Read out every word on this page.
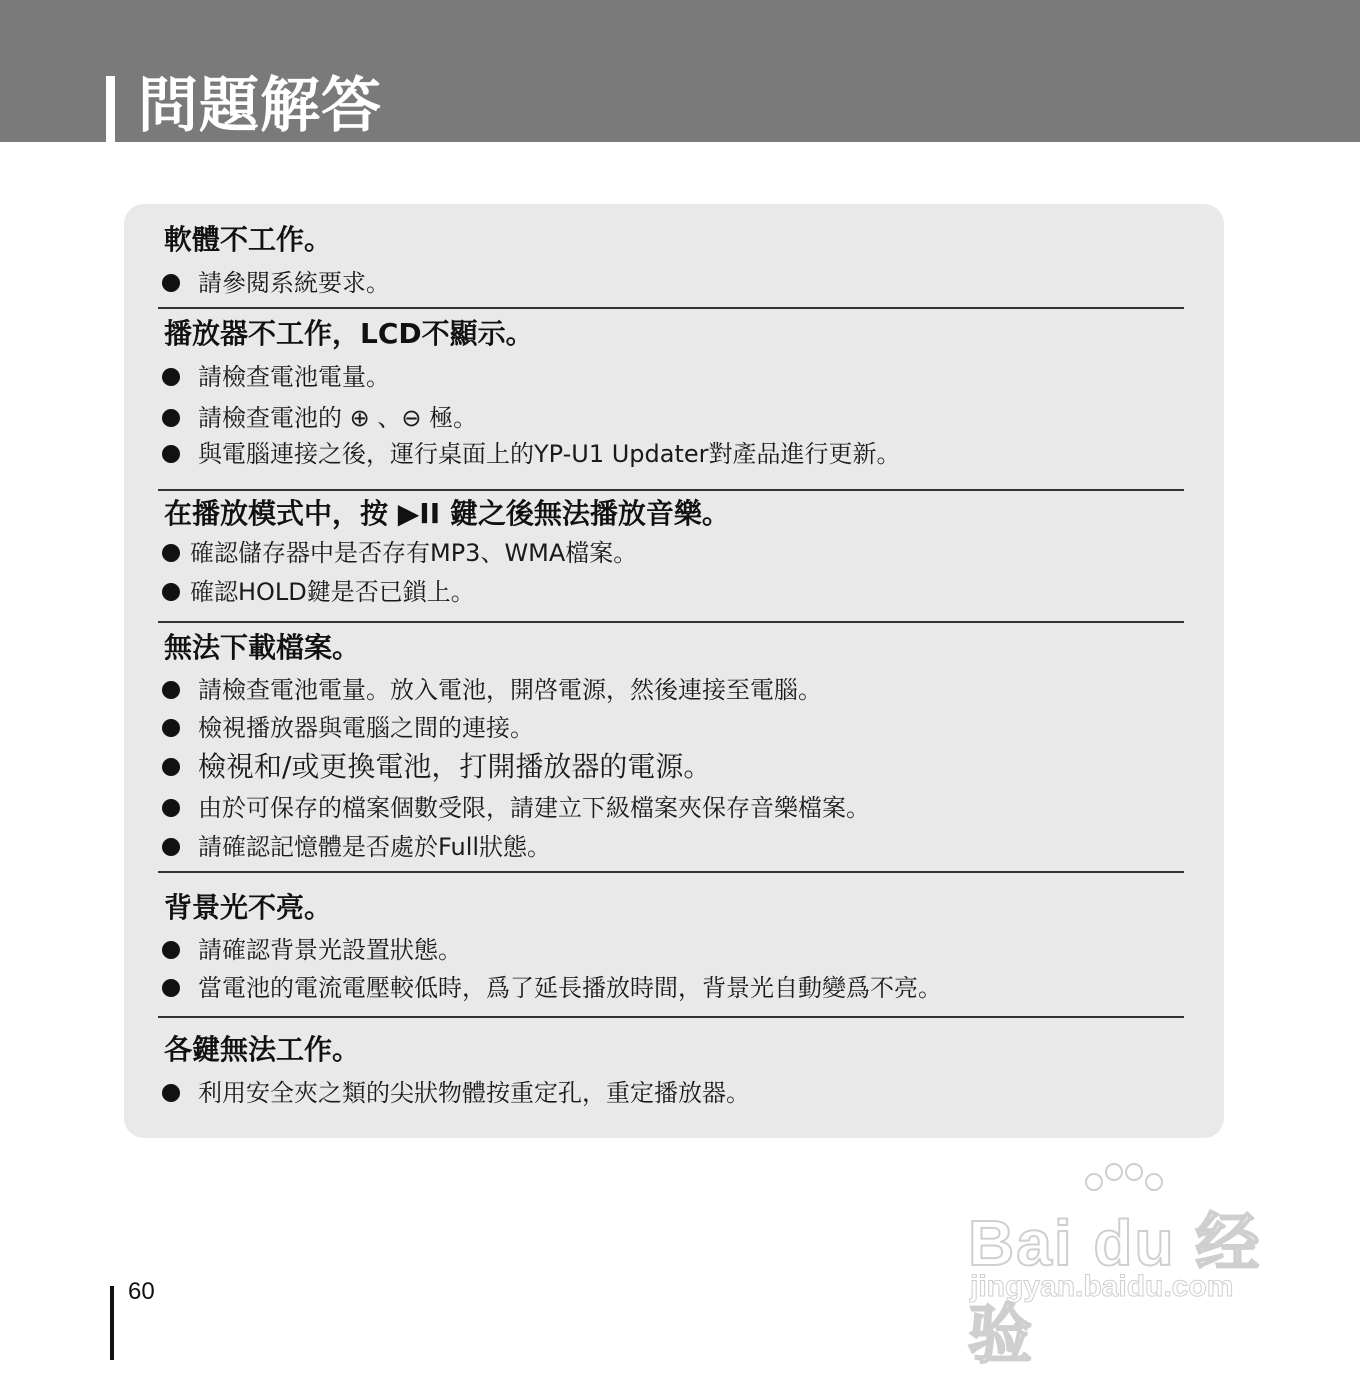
問題解答
軟體不工作。
請參閱系統要求。
播放器不工作，LCD不顯示。
請檢查電池電量。
請檢查電池的 ⊕ 、⊖ 極。
與電腦連接之後，運行桌面上的YP-U1 Updater對產品進行更新。
在播放模式中，按 ▶II 鍵之後無法播放音樂。
確認儲存器中是否存有MP3、WMA檔案。
確認HOLD鍵是否已鎖上。
無法下載檔案。
請檢查電池電量。放入電池，開啓電源，然後連接至電腦。
檢視播放器與電腦之間的連接。
檢視和/或更換電池，打開播放器的電源。
由於可保存的檔案個數受限，請建立下級檔案夾保存音樂檔案。
請確認記憶體是否處於Full狀態。
背景光不亮。
請確認背景光設置狀態。
當電池的電流電壓較低時，爲了延長播放時間，背景光自動變爲不亮。
各鍵無法工作。
利用安全夾之類的尖狀物體按重定孔，重定播放器。
60
Bai du 经验
jingyan.baidu.com
